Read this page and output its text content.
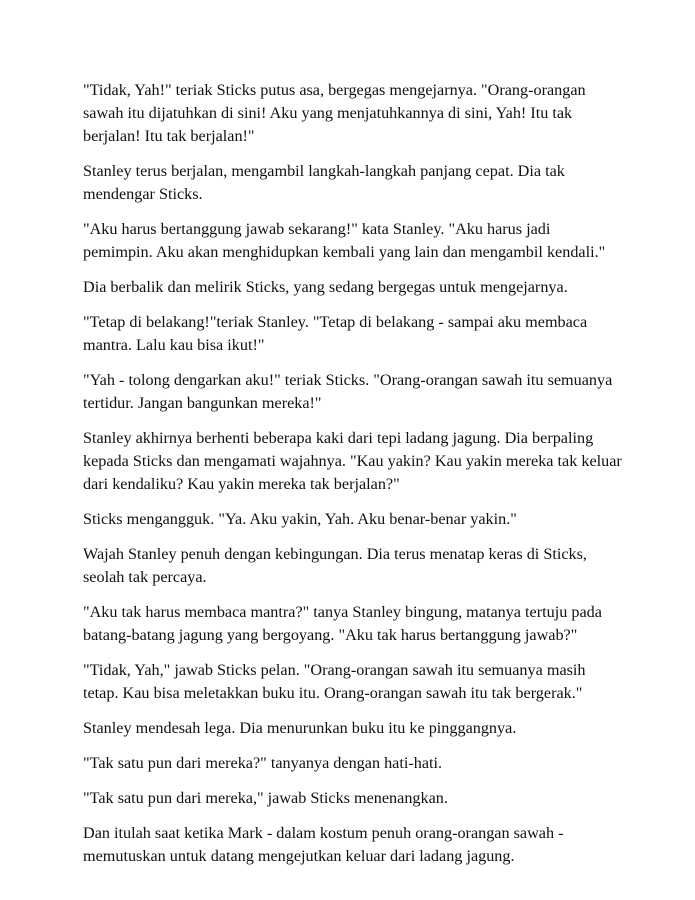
"Tidak, Yah!" teriak Sticks putus asa, bergegas mengejarnya. "Orang-orangan
sawah itu dijatuhkan di sini! Aku yang menjatuhkannya di sini, Yah! Itu tak
berjalan! Itu tak berjalan!"

Stanley terus berjalan, mengambil langkah-langkah panjang cepat. Dia tak
mendengar Sticks.

"Aku harus bertanggung jawab sekarang!" kata Stanley. "Aku harus jadi
pemimpin. Aku akan menghidupkan kembali yang lain dan mengambil kendali."

Dia berbalik dan melirik Sticks, yang sedang bergegas untuk mengejarnya.

"Tetap di belakang!"teriak Stanley. "Tetap di belakang - sampai aku membaca
mantra. Lalu kau bisa ikut!"

"Yah - tolong dengarkan aku!" teriak Sticks. "Orang-orangan sawah itu semuanya
tertidur. Jangan bangunkan mereka!"

Stanley akhirnya berhenti beberapa kaki dari tepi ladang jagung. Dia berpaling
kepada Sticks dan mengamati wajahnya. "Kau yakin? Kau yakin mereka tak keluar
dari kendaliku? Kau yakin mereka tak berjalan?"

Sticks mengangguk. "Ya. Aku yakin, Yah. Aku benar-benar yakin."

Wajah Stanley penuh dengan kebingungan. Dia terus menatap keras di Sticks,
seolah tak percaya.

"Aku tak harus membaca mantra?" tanya Stanley bingung, matanya tertuju pada
batang-batang jagung yang bergoyang. "Aku tak harus bertanggung jawab?"

"Tidak, Yah," jawab Sticks pelan. "Orang-orangan sawah itu semuanya masih
tetap. Kau bisa meletakkan buku itu. Orang-orangan sawah itu tak bergerak."

Stanley mendesah lega. Dia menurunkan buku itu ke pinggangnya.

"Tak satu pun dari mereka?" tanyanya dengan hati-hati.

"Tak satu pun dari mereka," jawab Sticks menenangkan.

Dan itulah saat ketika Mark - dalam kostum penuh orang-orangan sawah -
memutuskan untuk datang mengejutkan keluar dari ladang jagung.
